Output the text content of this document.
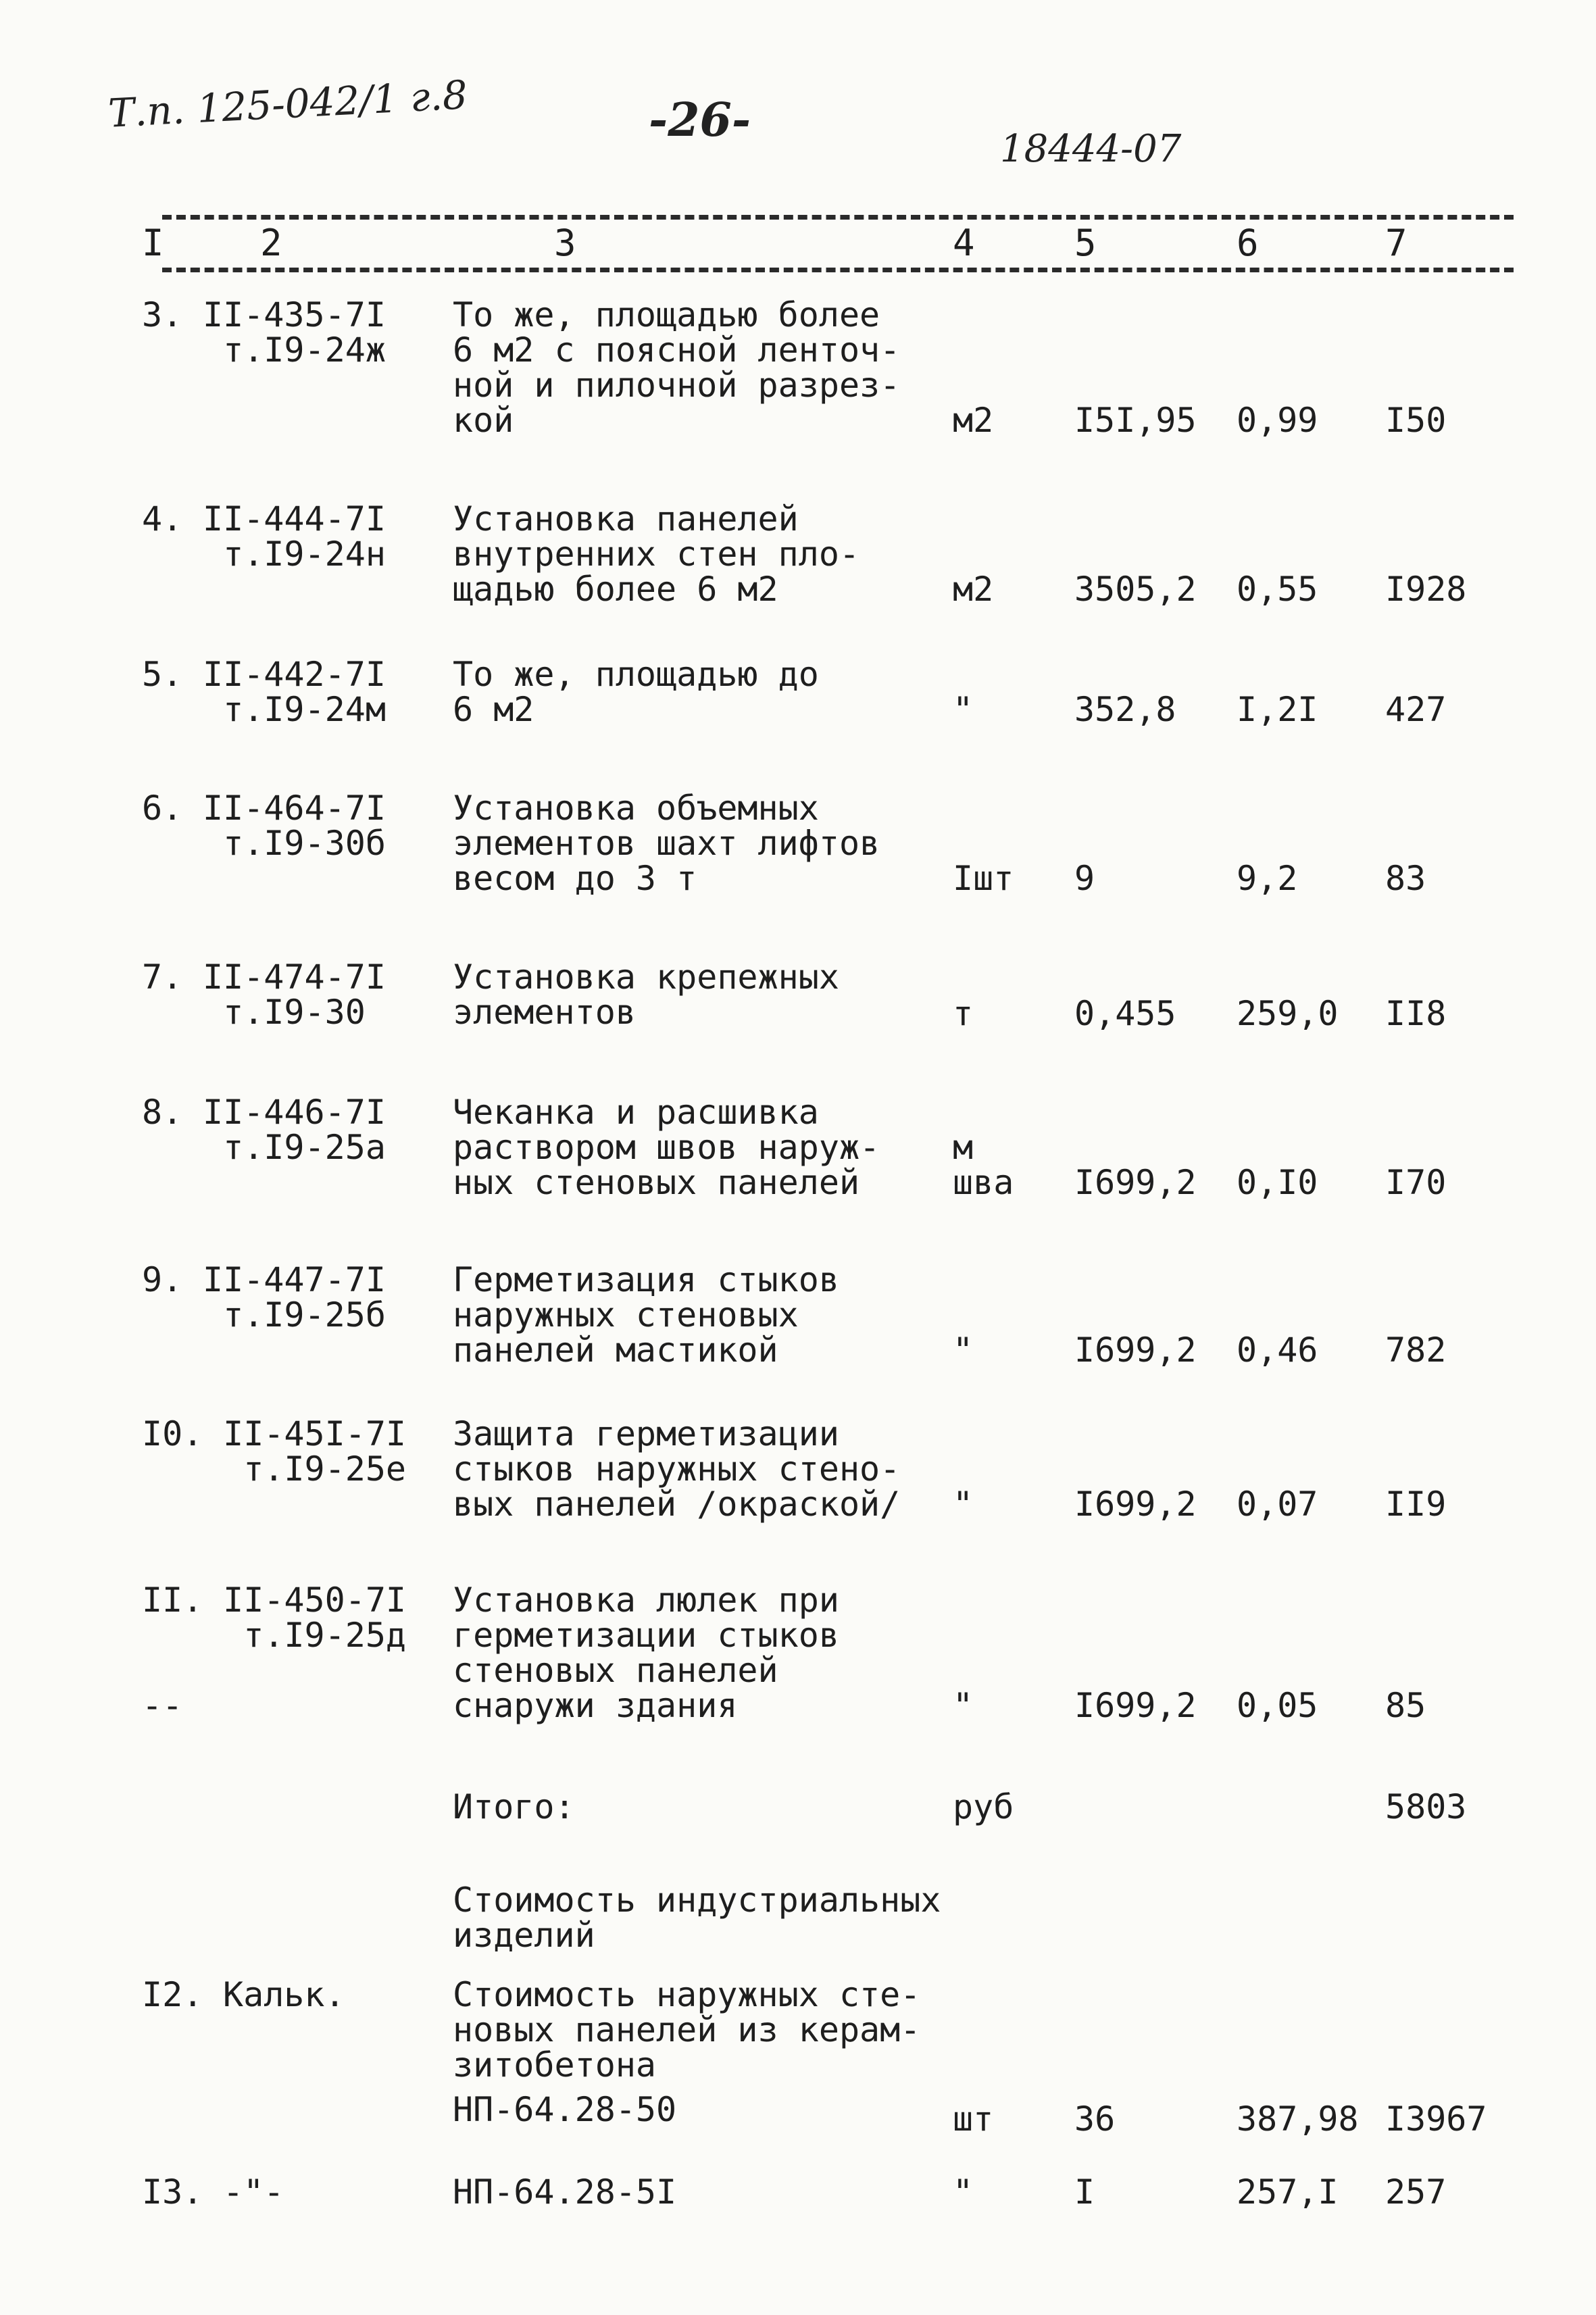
Т.п. 125-042/1 г.8	-26-
18444-07
I	2	3	4	5	6	7
3. II-435-7I
т.I9-24ж
То же, площадью более
6 м2 с поясной ленточ-
ной и пилочной разрез-
кой	м2 I5I,95 0,99 I50
4. II-444-7I
т.I9-24н
Установка панелей
внутренних стен пло-
щадью более 6 м2	м2 3505,2 0,55 I928
5. II-442-7I
т.I9-24м
То же, площадью до
6 м2	"	352,8 I,2I 427
6. II-464-7I
т.I9-30б
Установка объемных
элементов шахт лифтов
весом до 3 т	Iшт 9	9,2	83
7. II-474-7I
т.I9-30
Установка крепежных
элементов	т	0,455 259,0 II8
8. II-446-7I
т.I9-25а
Чеканка и расшивка
раствором швов наруж-
ных стеновых панелей
м
шва I699,2 0,I0 I70
9. II-447-7I
т.I9-25б
Герметизация стыков
наружных стеновых
панелей мастикой	"	I699,2 0,46 782
I0. II-45I-7I
т.I9-25е
Защита герметизации
стыков наружных стено-
вых панелей /окраской/ "	I699,2 0,07 II9
II. II-450-7I
т.I9-25д
Установка люлек при
герметизации стыков
стеновых панелей
снаружи здания
--	"	I699,2 0,05 85
Итого:	руб	5803
Стоимость индустриальных
изделий
I2. Кальк.	Стоимость наружных сте-
новых панелей из керам-
зитобетона
НП-64.28-50	шт 36	387,98 I3967
I3. -"-	НП-64.28-5I	"	I	257,I 257
